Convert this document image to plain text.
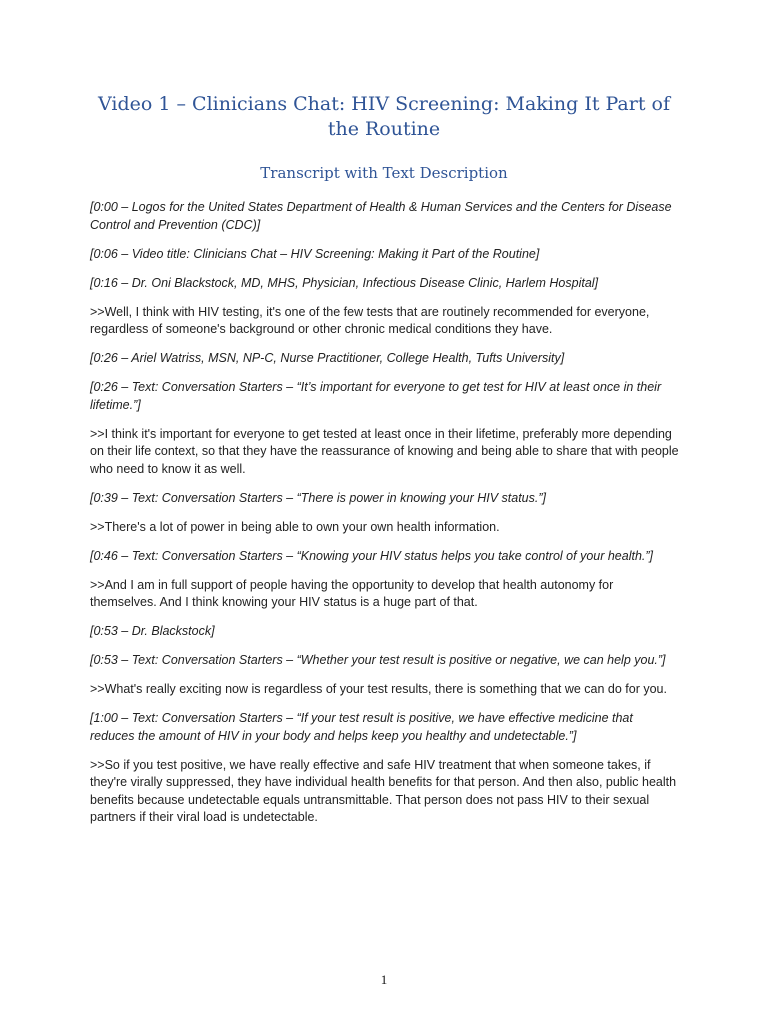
Video 1 – Clinicians Chat: HIV Screening: Making It Part of the Routine
Transcript with Text Description

[0:00 – Logos for the United States Department of Health & Human Services and the Centers for Disease Control and Prevention (CDC)]

[0:06 – Video title: Clinicians Chat – HIV Screening: Making it Part of the Routine]

[0:16 – Dr. Oni Blackstock, MD, MHS, Physician, Infectious Disease Clinic, Harlem Hospital]

>>Well, I think with HIV testing, it's one of the few tests that are routinely recommended for everyone, regardless of someone's background or other chronic medical conditions they have.

[0:26 – Ariel Watriss, MSN, NP-C, Nurse Practitioner, College Health, Tufts University]

[0:26 – Text: Conversation Starters – “It’s important for everyone to get test for HIV at least once in their lifetime.”]

>>I think it's important for everyone to get tested at least once in their lifetime, preferably more depending on their life context, so that they have the reassurance of knowing and being able to share that with people who need to know it as well.

[0:39 – Text: Conversation Starters – “There is power in knowing your HIV status.”]

>>There's a lot of power in being able to own your own health information.

[0:46 – Text: Conversation Starters – “Knowing your HIV status helps you take control of your health.”]

>>And I am in full support of people having the opportunity to develop that health autonomy for themselves. And I think knowing your HIV status is a huge part of that.

[0:53 – Dr. Blackstock]

[0:53 – Text: Conversation Starters – “Whether your test result is positive or negative, we can help you.”]

>>What's really exciting now is regardless of your test results, there is something that we can do for you.

[1:00 – Text: Conversation Starters – “If your test result is positive, we have effective medicine that reduces the amount of HIV in your body and helps keep you healthy and undetectable.”]

>>So if you test positive, we have really effective and safe HIV treatment that when someone takes, if they're virally suppressed, they have individual health benefits for that person. And then also, public health benefits because undetectable equals untransmittable. That person does not pass HIV to their sexual partners if their viral load is undetectable.

1
